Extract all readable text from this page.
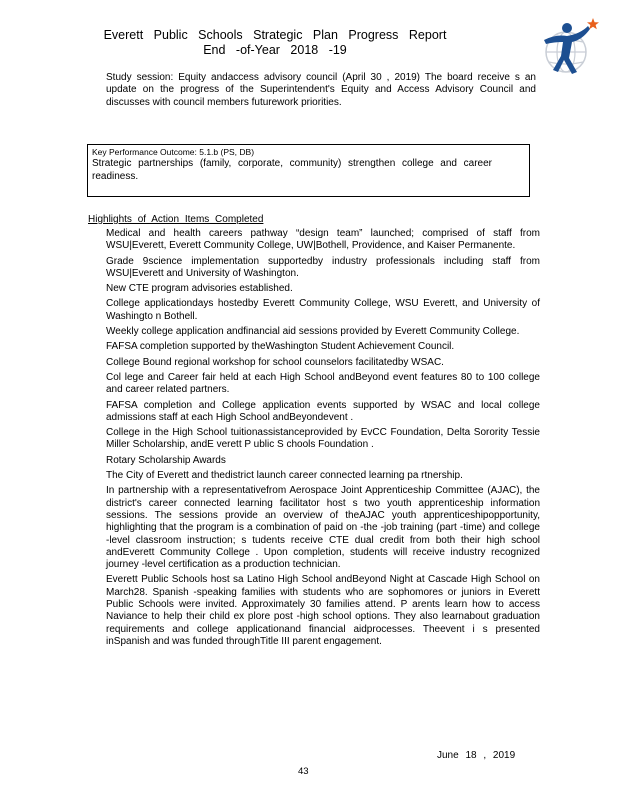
Everett Public Schools Strategic Plan Progress Report
End -of-Year 2018 -19
Study session: Equity andaccess advisory council (April 30 , 2019) The board receive s an update on the progress of the Superintendent's Equity and Access Advisory Council and discusses with council members futurework priorities.
Key Performance Outcome: 5.1.b (PS, DB)
Strategic partnerships (family, corporate, community) strengthen college and career readiness.
Highlights of Action Items Completed
Medical and health careers pathway “design team” launched; comprised of staff from WSU|Everett, Everett Community College, UW|Bothell, Providence, and Kaiser Permanente.
Grade 9science implementation supportedby industry professionals including staff from WSU|Everett and University of Washington.
New CTE program advisories established.
College applicationdays hostedby Everett Community College, WSU Everett, and University of Washingto n Bothell.
Weekly college application andfinancial aid sessions provided by Everett Community College.
FAFSA completion supported by theWashington Student Achievement Council.
College Bound regional workshop for school counselors facilitatedby WSAC.
Col lege and Career fair held at each High School andBeyond event features 80 to 100 college and career related partners.
FAFSA completion and College application events supported by WSAC and local college admissions staff at each High School andBeyondevent .
College in the High School tuitionassistanceprovided by EvCC Foundation, Delta Sorority Tessie Miller Scholarship, andE verett P ublic S chools Foundation .
Rotary Scholarship Awards
The City of Everett and thedistrict launch career connected learning pa rtnership.
In partnership with a representativefrom Aerospace Joint Apprenticeship Committee (AJAC), the district's career connected learning facilitator host s two youth apprenticeship information sessions. The sessions provide an overview of theAJAC youth apprenticeshipopportunity, highlighting that the program is a combination of paid on -the -job training (part -time) and college -level classroom instruction; s tudents receive CTE dual credit from both their high school andEverett Community College . Upon completion, students will receive industry recognized journey -level certification as a production technician.
Everett Public Schools host sa Latino High School andBeyond Night at Cascade High School on March28. Spanish -speaking families with students who are sophomores or juniors in Everett Public Schools were invited. Approximately 30 families attend. P arents learn how to access Naviance to help their child ex plore post -high school options. They also learnabout graduation requirements and college applicationand financial aidprocesses. Theevent i s presented inSpanish and was funded throughTitle III parent engagement.
June 18 , 2019
43
